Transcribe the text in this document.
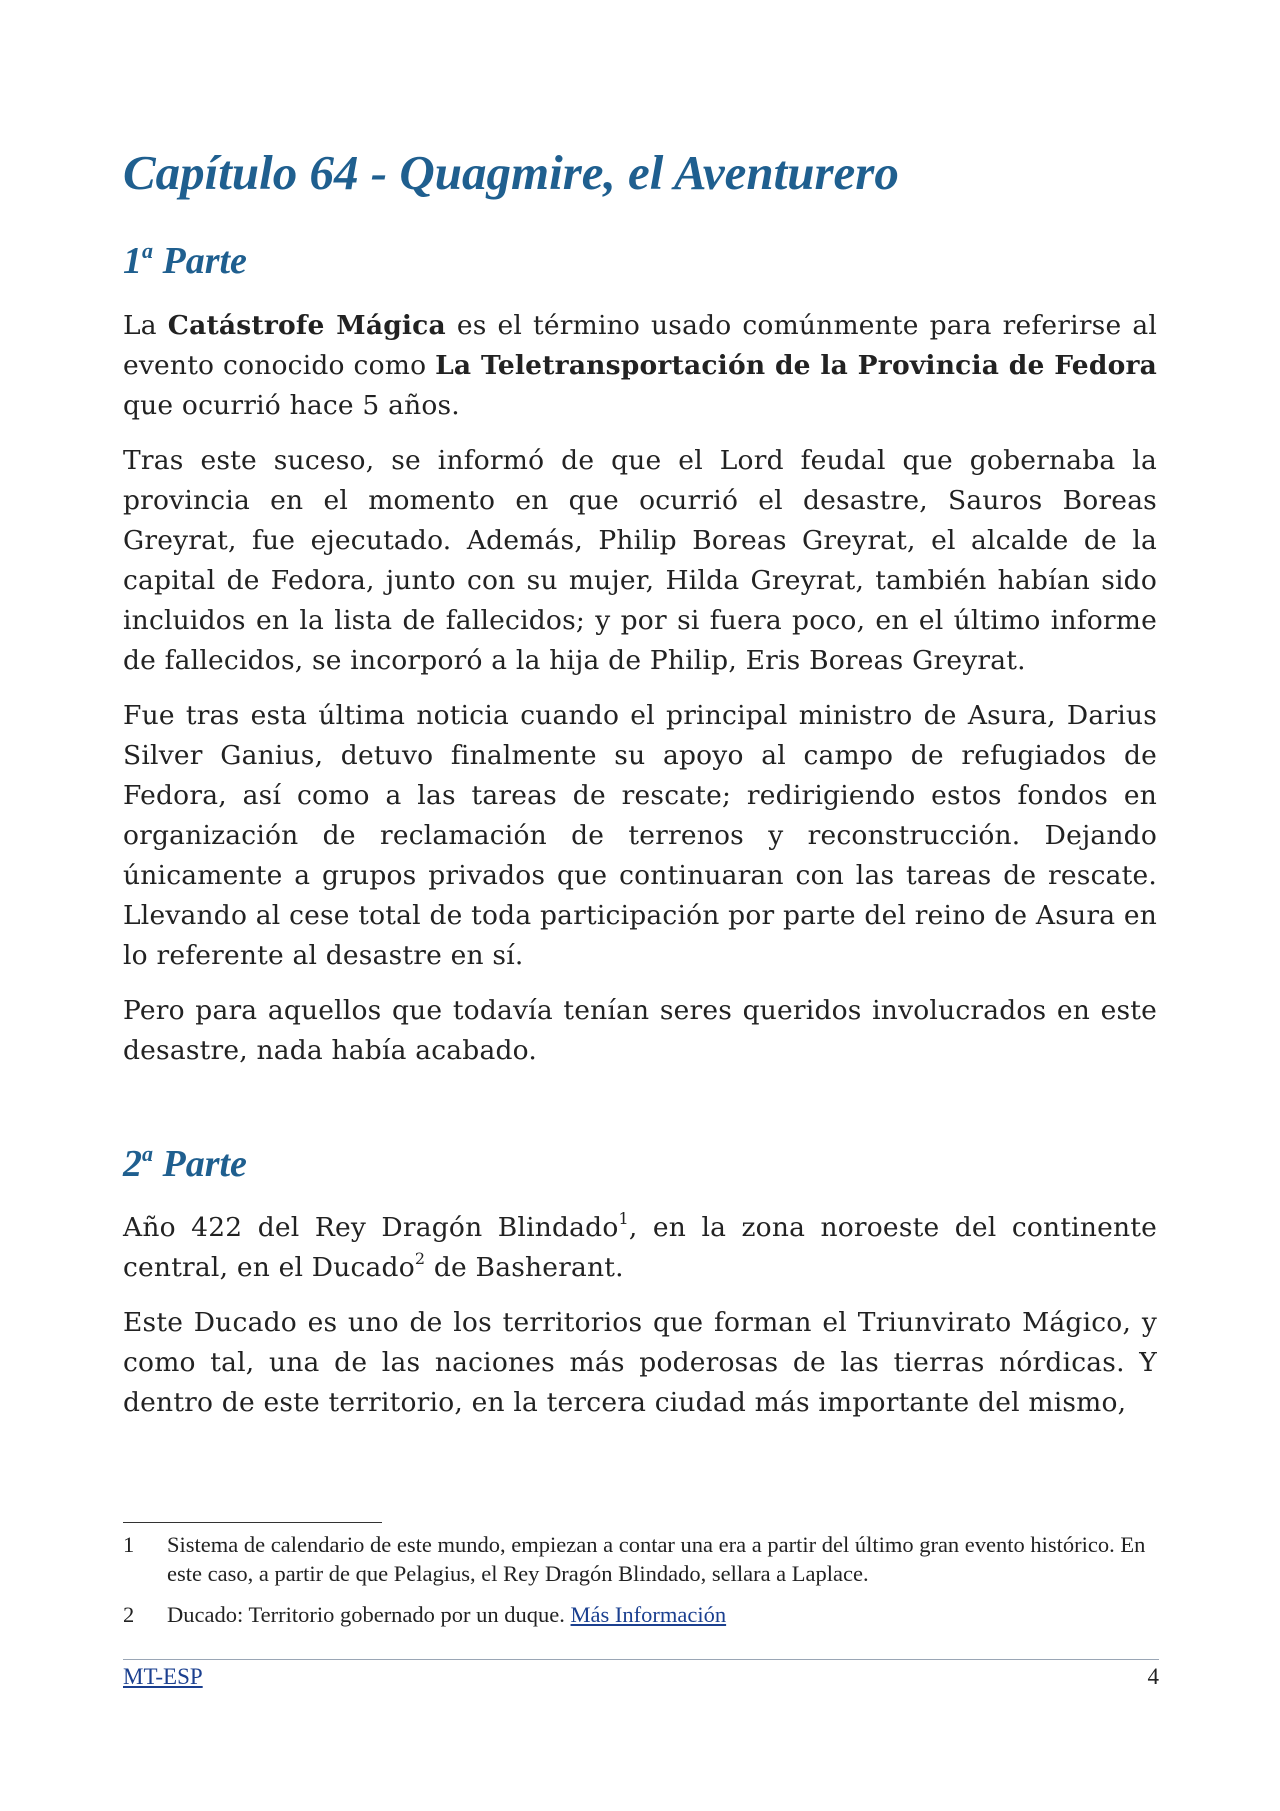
Capítulo 64 - Quagmire, el Aventurero
1$^a$ Parte

La Catástrofe Mágica es el término usado comúnmente para referirse al evento conocido como La Teletransportación de la Provincia de Fedora que ocurrió hace 5 años.

Tras este suceso, se informó de que el Lord feudal que gobernaba la provincia en el momento en que ocurrió el desastre, Sauros Boreas Greyrat, fue ejecutado. Además, Philip Boreas Greyrat, el alcalde de la capital de Fedora, junto con su mujer, Hilda Greyrat, también habían sido incluidos en la lista de fallecidos; y por si fuera poco, en el último informe de fallecidos, se incorporó a la hija de Philip, Eris Boreas Greyrat.

Fue tras esta última noticia cuando el principal ministro de Asura, Darius Silver Ganius, detuvo finalmente su apoyo al campo de refugiados de Fedora, así como a las tareas de rescate; redirigiendo estos fondos en organización de reclamación de terrenos y reconstrucción. Dejando únicamente a grupos privados que continuaran con las tareas de rescate. Llevando al cese total de toda participación por parte del reino de Asura en lo referente al desastre en sí.

Pero para aquellos que todavía tenían seres queridos involucrados en este desastre, nada había acabado.

2$^a$ Parte

Año 422 del Rey Dragón Blindado$^1$, en la zona noroeste del continente central, en el Ducado$^2$ de Basherant.

Este Ducado es uno de los territorios que forman el Triunvirato Mágico, y como tal, una de las naciones más poderosas de las tierras nórdicas. Y dentro de este territorio, en la tercera ciudad más importante del mismo,

1	Sistema de calendario de este mundo, empiezan a contar una era a partir del último gran evento histórico. En este caso, a partir de que Pelagius, el Rey Dragón Blindado, sellara a Laplace.
2	Ducado: Territorio gobernado por un duque. Más Información
MT-ESP	4
